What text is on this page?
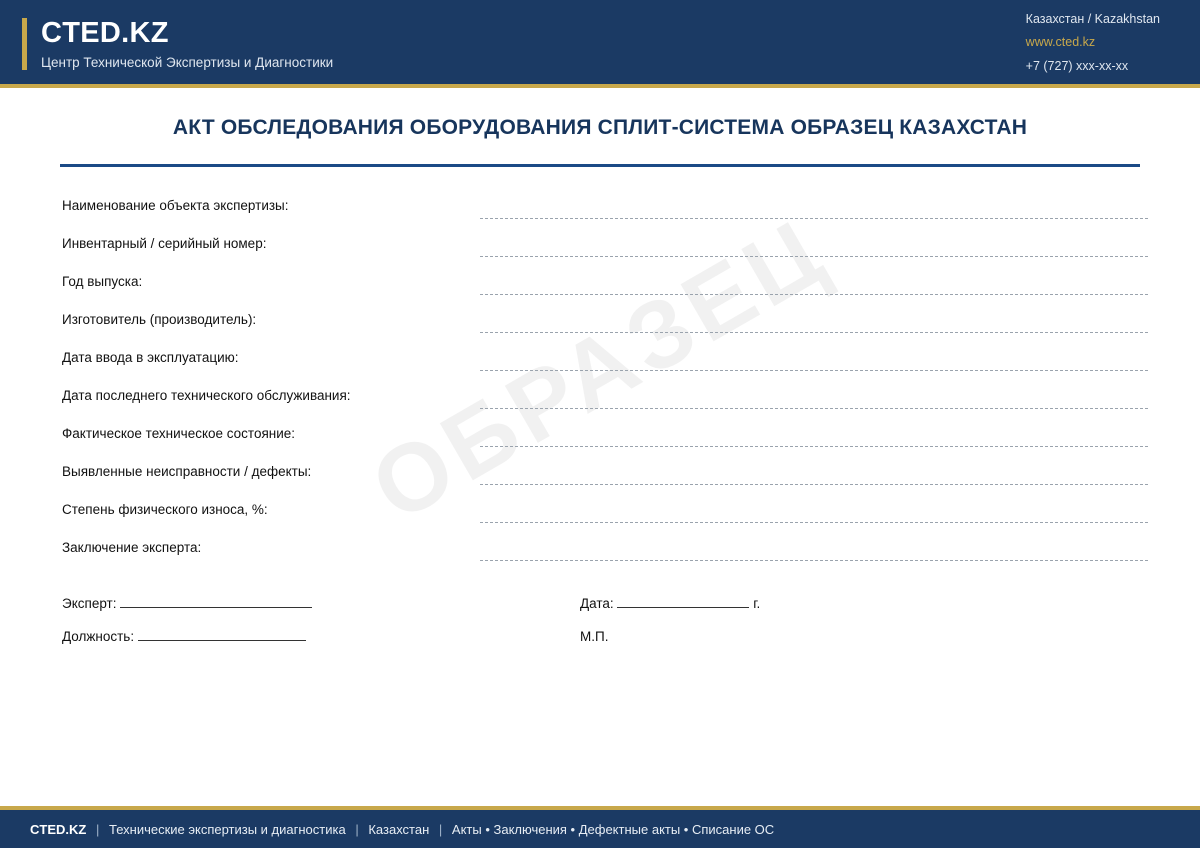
CTED.KZ
Центр Технической Экспертизы и Диагностики
Казахстан / Kazakhstan
www.cted.kz
+7 (727) xxx-xx-xx
АКТ ОБСЛЕДОВАНИЯ ОБОРУДОВАНИЯ СПЛИТ-СИСТЕМА ОБРАЗЕЦ КАЗАХСТАН
ОБРАЗЕЦ
Наименование объекта экспертизы:
Инвентарный / серийный номер:
Год выпуска:
Изготовитель (производитель):
Дата ввода в эксплуатацию:
Дата последнего технического обслуживания:
Фактическое техническое состояние:
Выявленные неисправности / дефекты:
Степень физического износа, %:
Заключение эксперта:
Эксперт:
Должность:
Дата:	г.
М.П.
CTED.KZ | Технические экспертизы и диагностика | Казахстан | Акты • Заключения • Дефектные акты • Списание ОС
